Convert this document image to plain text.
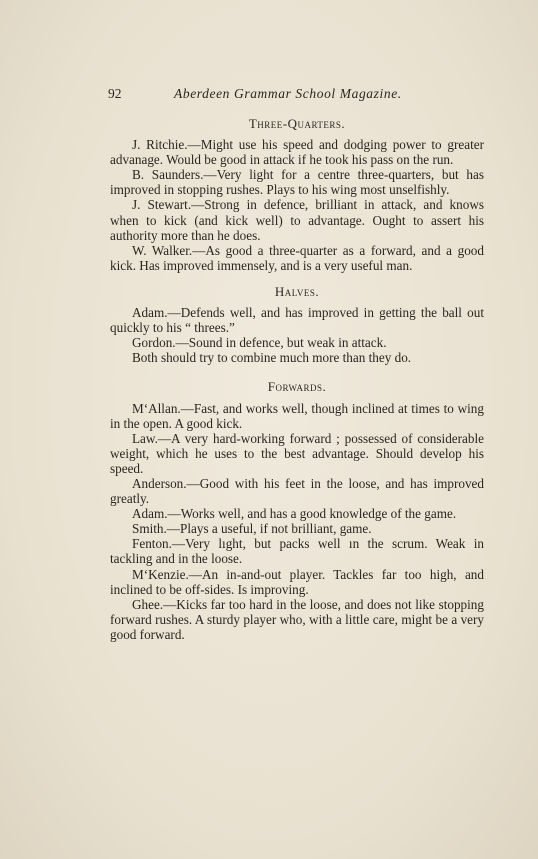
92	Aberdeen Grammar School Magazine.
Three-Quarters.

J. Ritchie.—Might use his speed and dodging power to greater advanage. Would be good in attack if he took his pass on the run.

B. Saunders.—Very light for a centre three-quarters, but has improved in stopping rushes. Plays to his wing most unselfishly.

J. Stewart.—Strong in defence, brilliant in attack, and knows when to kick (and kick well) to advantage. Ought to assert his authority more than he does.

W. Walker.—As good a three-quarter as a forward, and a good kick. Has improved immensely, and is a very useful man.

Halves.

Adam.—Defends well, and has improved in getting the ball out quickly to his “ threes.”

Gordon.—Sound in defence, but weak in attack.

Both should try to combine much more than they do.

Forwards.

M‘Allan.—Fast, and works well, though inclined at times to wing in the open. A good kick.

Law.—A very hard-working forward ; possessed of considerable weight, which he uses to the best advantage. Should develop his speed.

Anderson.—Good with his feet in the loose, and has improved greatly.

Adam.—Works well, and has a good knowledge of the game.

Smith.—Plays a useful, if not brilliant, game.

Fenton.—Very lıght, but packs well ın the scrum. Weak in tackling and in the loose.

M‘Kenzie.—An in-and-out player. Tackles far too high, and inclined to be off-sides. Is improving.

Ghee.—Kicks far too hard in the loose, and does not like stopping forward rushes. A sturdy player who, with a little care, might be a very good forward.
